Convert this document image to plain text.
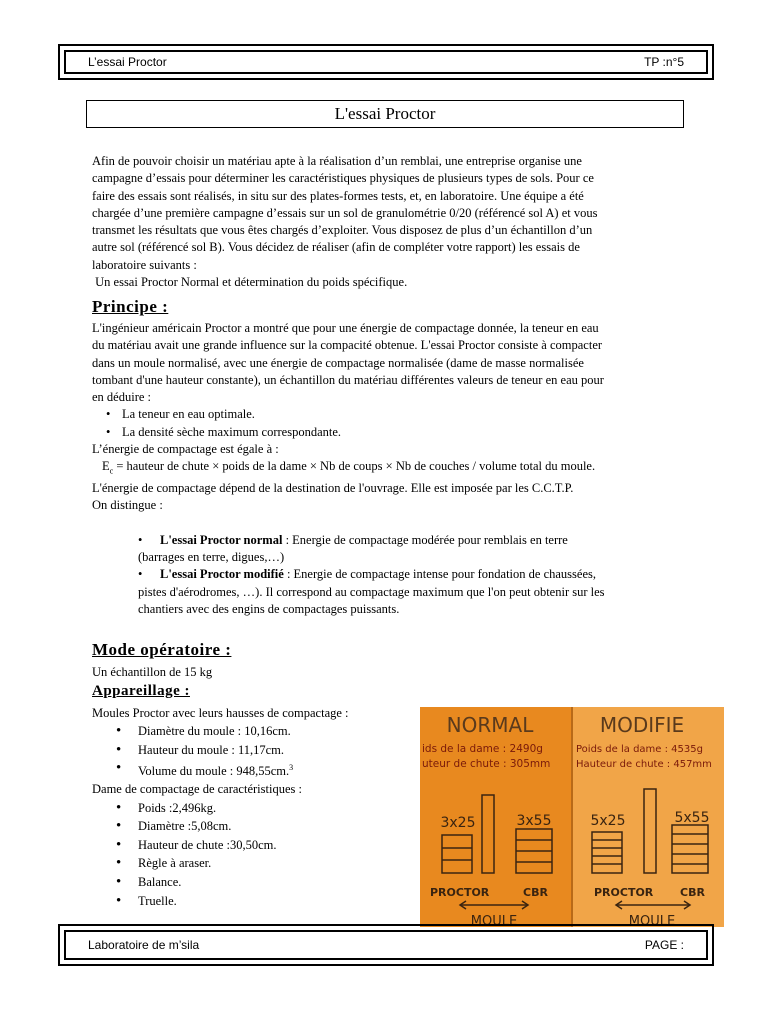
L’essai Proctor	TP :n°5
L'essai Proctor

Afin de pouvoir choisir un matériau apte à la réalisation d’un remblai, une entreprise organise une

campagne d’essais pour déterminer les caractéristiques physiques de plusieurs types de sols. Pour ce

faire des essais sont réalisés, in situ sur des plates-formes tests, et, en laboratoire. Une équipe a été

chargée d’une première campagne d’essais sur un sol de granulométrie 0/20 (référencé sol A) et vous

transmet les résultats que vous êtes chargés d’exploiter. Vous disposez de plus d’un échantillon d’un

autre sol (référencé sol B). Vous décidez de réaliser (afin de compléter votre rapport) les essais de

laboratoire suivants :

Un essai Proctor Normal et détermination du poids spécifique.

Principe :

L'ingénieur américain Proctor a montré que pour une énergie de compactage donnée, la teneur en eau

du matériau avait une grande influence sur la compacité obtenue. L'essai Proctor consiste à compacter

dans un moule normalisé, avec une énergie de compactage normalisée (dame de masse normalisée

tombant d'une hauteur constante), un échantillon du matériau différentes valeurs de teneur en eau pour

en déduire :

• La teneur en eau optimale.
• La densité sèche maximum correspondante.

L’énergie de compactage est égale à :

$E_c$ = hauteur de chute × poids de la dame × Nb de coups × Nb de couches / volume total du moule.

L'énergie de compactage dépend de la destination de l'ouvrage. Elle est imposée par les C.C.T.P.

On distingue :

• L'essai Proctor normal : Energie de compactage modérée pour remblais en terre

(barrages en terre, digues,…)

• L'essai Proctor modifié : Energie de compactage intense pour fondation de chaussées,

pistes d'aérodromes, …). Il correspond au compactage maximum que l'on peut obtenir sur les

chantiers avec des engins de compactages puissants.

Mode opératoire :
Un échantillon de 15 kg
Appareillage :

Moules Proctor avec leurs hausses de compactage :

• Diamètre du moule : 10,16cm.
• Hauteur du moule : 11,17cm.
• Volume du moule : 948,55cm.$^3$

Dame de compactage de caractéristiques :

• Poids :2,496kg.
• Diamètre :5,08cm.
• Hauteur de chute :30,50cm.
• Règle à araser.
• Balance.
• Truelle.
NORMAL	MODIFIE
ids de la dame : 2490g
uteur de chute : 305mm
Poids de la dame : 4535g
Hauteur de chute : 457mm
3x25	3x55	5x25	5x55
PROCTOR	CBR	PROCTOR CBR
MOULE	MOULE
Laboratoire de m’sila	PAGE :
